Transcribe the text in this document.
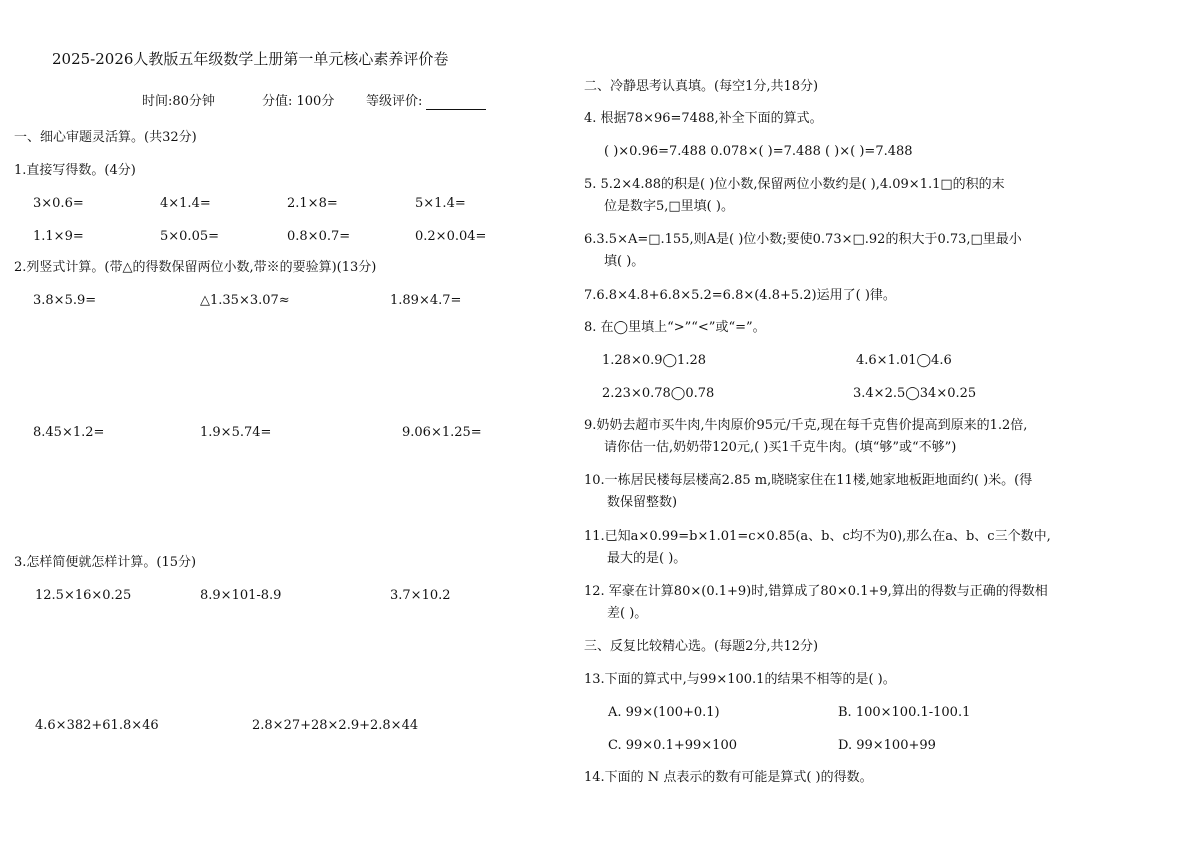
2025-2026人教版五年级数学上册第一单元核心素养评价卷
时间:80分钟	分值: 100分 等级评价:
一、细心审题灵活算。(共32分)
1.直接写得数。(4分)
3×0.6=	4×1.4=	2.1×8=	5×1.4=
1.1×9=	5×0.05=	0.8×0.7=	0.2×0.04=
2.列竖式计算。(带△的得数保留两位小数,带※的要验算)(13分)
3.8×5.9=	△1.35×3.07≈	1.89×4.7=
8.45×1.2=	1.9×5.74=	9.06×1.25=
3.怎样简便就怎样计算。(15分)
12.5×16×0.25	8.9×101-8.9	3.7×10.2
4.6×382+61.8×46	2.8×27+28×2.9+2.8×44
二、冷静思考认真填。(每空1分,共18分)
4. 根据78×96=7488,补全下面的算式。
( )×0.96=7.488 0.078×( )=7.488 ( )×( )=7.488
5. 5.2×4.88的积是( )位小数,保留两位小数约是( ),4.09×1.1□的积的末
位是数字5,□里填( )。
6.3.5×A=□.155,则A是( )位小数;要使0.73×□.92的积大于0.73,□里最小
填( )。
7.6.8×4.8+6.8×5.2=6.8×(4.8+5.2)运用了( )律。
8. 在◯里填上“>”“<”或“=”。
1.28×0.9◯1.28	4.6×1.01◯4.6
2.23×0.78◯0.78	3.4×2.5◯34×0.25
9.奶奶去超市买牛肉,牛肉原价95元/千克,现在每千克售价提高到原来的1.2倍,
请你估一估,奶奶带120元,( )买1千克牛肉。(填“够”或“不够”)
10.一栋居民楼每层楼高2.85 m,晓晓家住在11楼,她家地板距地面约( )米。(得
数保留整数)
11.已知a×0.99=b×1.01=c×0.85(a、b、c均不为0),那么在a、b、c三个数中,
最大的是( )。
12. 军豪在计算80×(0.1+9)时,错算成了80×0.1+9,算出的得数与正确的得数相
差( )。
三、反复比较精心选。(每题2分,共12分)
13.下面的算式中,与99×100.1的结果不相等的是( )。
A. 99×(100+0.1)	B. 100×100.1-100.1
C. 99×0.1+99×100	D. 99×100+99
14.下面的 N 点表示的数有可能是算式( )的得数。
